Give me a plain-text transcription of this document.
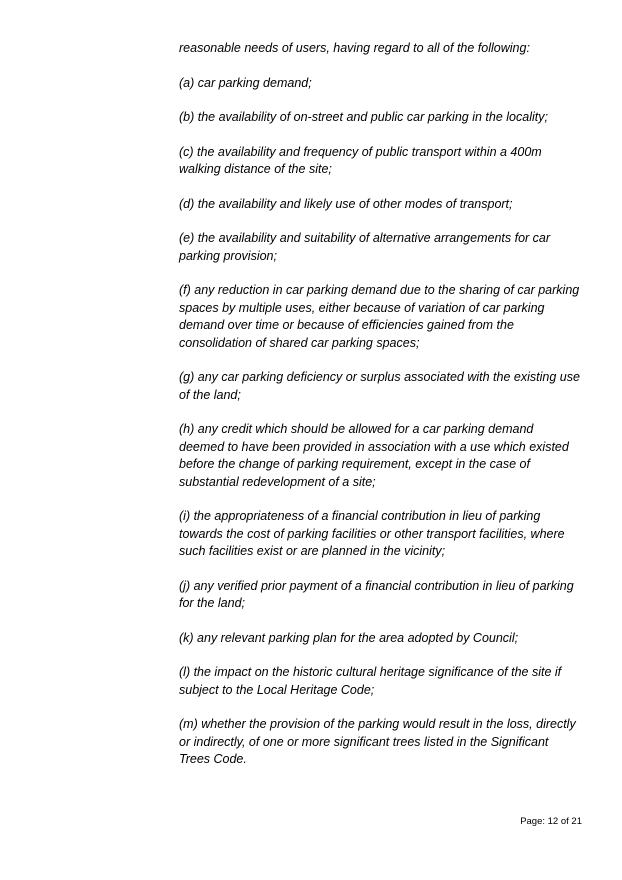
reasonable needs of users, having regard to all of the following:

(a) car parking demand;

(b) the availability of on-street and public car parking in the locality;

(c) the availability and frequency of public transport within a 400m
walking distance of the site;

(d) the availability and likely use of other modes of transport;

(e) the availability and suitability of alternative arrangements for car
parking provision;

(f) any reduction in car parking demand due to the sharing of car parking
spaces by multiple uses, either because of variation of car parking
demand over time or because of efficiencies gained from the
consolidation of shared car parking spaces;

(g) any car parking deficiency or surplus associated with the existing use
of the land;

(h) any credit which should be allowed for a car parking demand
deemed to have been provided in association with a use which existed
before the change of parking requirement, except in the case of
substantial redevelopment of a site;

(i) the appropriateness of a financial contribution in lieu of parking
towards the cost of parking facilities or other transport facilities, where
such facilities exist or are planned in the vicinity;

(j) any verified prior payment of a financial contribution in lieu of parking
for the land;

(k) any relevant parking plan for the area adopted by Council;

(l) the impact on the historic cultural heritage significance of the site if
subject to the Local Heritage Code;

(m) whether the provision of the parking would result in the loss, directly
or indirectly, of one or more significant trees listed in the Significant
Trees Code.

Page: 12 of 21
